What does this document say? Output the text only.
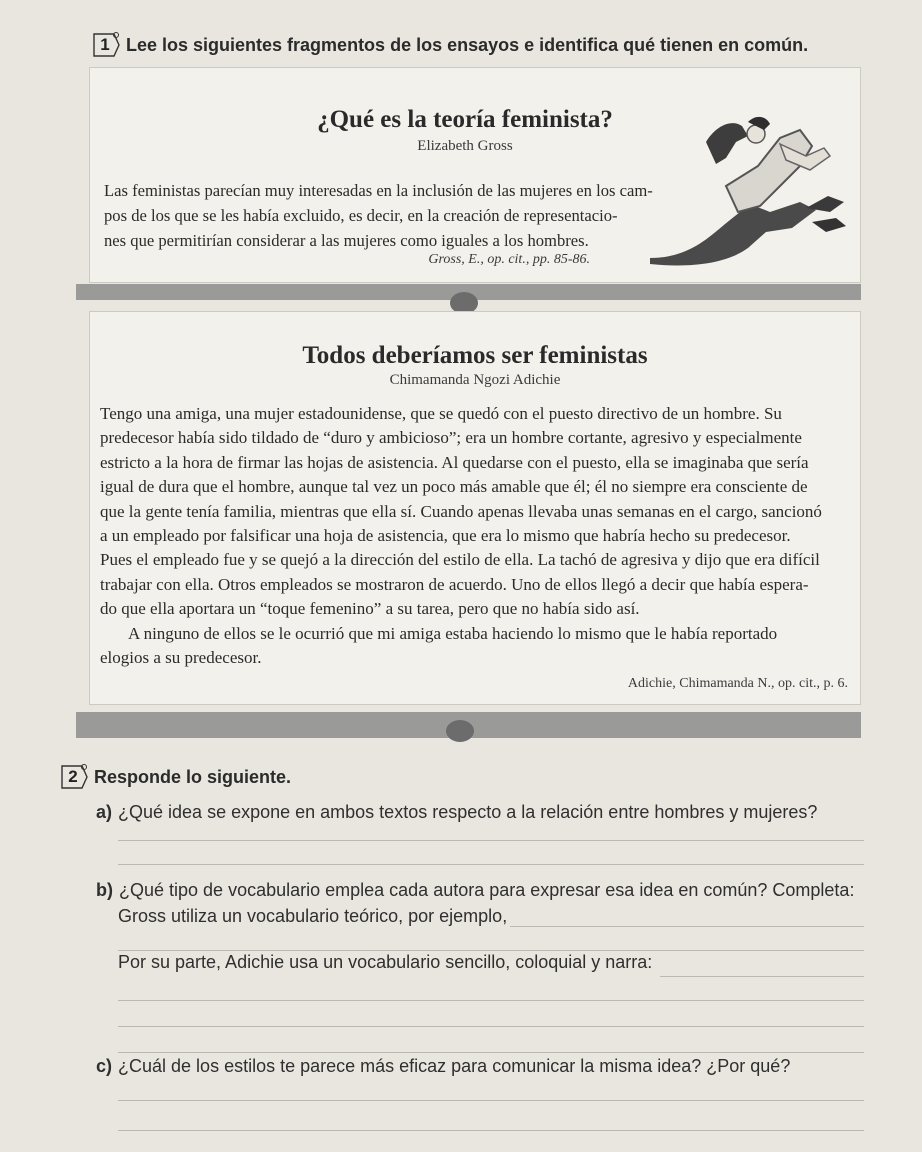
1 Lee los siguientes fragmentos de los ensayos e identifica qué tienen en común.
¿Qué es la teoría feminista?
Elizabeth Gross
Las feministas parecían muy interesadas en la inclusión de las mujeres en los cam-
pos de los que se les había excluido, es decir, en la creación de representacio-
nes que permitirían considerar a las mujeres como iguales a los hombres.
Gross, E., op. cit., pp. 85-86.
Todos deberíamos ser feministas
Chimamanda Ngozi Adichie
Tengo una amiga, una mujer estadounidense, que se quedó con el puesto directivo de un hombre. Su
predecesor había sido tildado de “duro y ambicioso”; era un hombre cortante, agresivo y especialmente
estricto a la hora de firmar las hojas de asistencia. Al quedarse con el puesto, ella se imaginaba que sería
igual de dura que el hombre, aunque tal vez un poco más amable que él; él no siempre era consciente de
que la gente tenía familia, mientras que ella sí. Cuando apenas llevaba unas semanas en el cargo, sancionó
a un empleado por falsificar una hoja de asistencia, que era lo mismo que habría hecho su predecesor.
Pues el empleado fue y se quejó a la dirección del estilo de ella. La tachó de agresiva y dijo que era difícil
trabajar con ella. Otros empleados se mostraron de acuerdo. Uno de ellos llegó a decir que había espera-
do que ella aportara un “toque femenino” a su tarea, pero que no había sido así.
A ninguno de ellos se le ocurrió que mi amiga estaba haciendo lo mismo que le había reportado
elogios a su predecesor.
Adichie, Chimamanda N., op. cit., p. 6.
2 Responde lo siguiente.
a) ¿Qué idea se expone en ambos textos respecto a la relación entre hombres y mujeres?
b) ¿Qué tipo de vocabulario emplea cada autora para expresar esa idea en común? Completa:
Gross utiliza un vocabulario teórico, por ejemplo,
Por su parte, Adichie usa un vocabulario sencillo, coloquial y narra:
c) ¿Cuál de los estilos te parece más eficaz para comunicar la misma idea? ¿Por qué?
